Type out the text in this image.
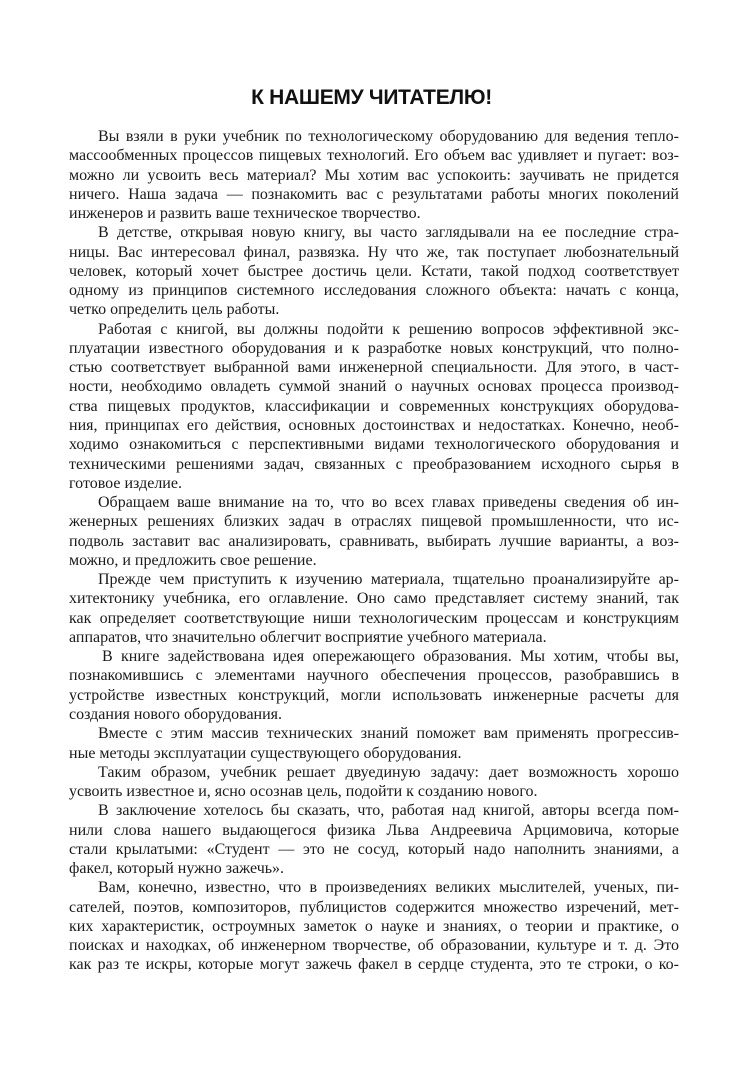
К НАШЕМУ ЧИТАТЕЛЮ!
Вы взяли в руки учебник по технологическому оборудованию для ведения тепло-
массообменных процессов пищевых технологий. Его объем вас удивляет и пугает: воз-
можно ли усвоить весь материал? Мы хотим вас успокоить: заучивать не придется
ничего. Наша задача — познакомить вас с результатами работы многих поколений
инженеров и развить ваше техническое творчество.
В детстве, открывая новую книгу, вы часто заглядывали на ее последние стра-
ницы. Вас интересовал финал, развязка. Ну что же, так поступает любознательный
человек, который хочет быстрее достичь цели. Кстати, такой подход соответствует
одному из принципов системного исследования сложного объекта: начать с конца,
четко определить цель работы.
Работая с книгой, вы должны подойти к решению вопросов эффективной экс-
плуатации известного оборудования и к разработке новых конструкций, что полно-
стью соответствует выбранной вами инженерной специальности. Для этого, в част-
ности, необходимо овладеть суммой знаний о научных основах процесса производ-
ства пищевых продуктов, классификации и современных конструкциях оборудова-
ния, принципах его действия, основных достоинствах и недостатках. Конечно, необ-
ходимо ознакомиться с перспективными видами технологического оборудования и
техническими решениями задач, связанных с преобразованием исходного сырья в
готовое изделие.
Обращаем ваше внимание на то, что во всех главах приведены сведения об ин-
женерных решениях близких задач в отраслях пищевой промышленности, что ис-
подволь заставит вас анализировать, сравнивать, выбирать лучшие варианты, а воз-
можно, и предложить свое решение.
Прежде чем приступить к изучению материала, тщательно проанализируйте ар-
хитектонику учебника, его оглавление. Оно само представляет систему знаний, так
как определяет соответствующие ниши технологическим процессам и конструкциям
аппаратов, что значительно облегчит восприятие учебного материала.
В книге задействована идея опережающего образования. Мы хотим, чтобы вы,
познакомившись с элементами научного обеспечения процессов, разобравшись в
устройстве известных конструкций, могли использовать инженерные расчеты для
создания нового оборудования.
Вместе с этим массив технических знаний поможет вам применять прогрессив-
ные методы эксплуатации существующего оборудования.
Таким образом, учебник решает двуединую задачу: дает возможность хорошо
усвоить известное и, ясно осознав цель, подойти к созданию нового.
В заключение хотелось бы сказать, что, работая над книгой, авторы всегда пом-
нили слова нашего выдающегося физика Льва Андреевича Арцимовича, которые
стали крылатыми: «Студент — это не сосуд, который надо наполнить знаниями, а
факел, который нужно зажечь».
Вам, конечно, известно, что в произведениях великих мыслителей, ученых, пи-
сателей, поэтов, композиторов, публицистов содержится множество изречений, мет-
ких характеристик, остроумных заметок о науке и знаниях, о теории и практике, о
поисках и находках, об инженерном творчестве, об образовании, культуре и т. д. Это
как раз те искры, которые могут зажечь факел в сердце студента, это те строки, о ко-
